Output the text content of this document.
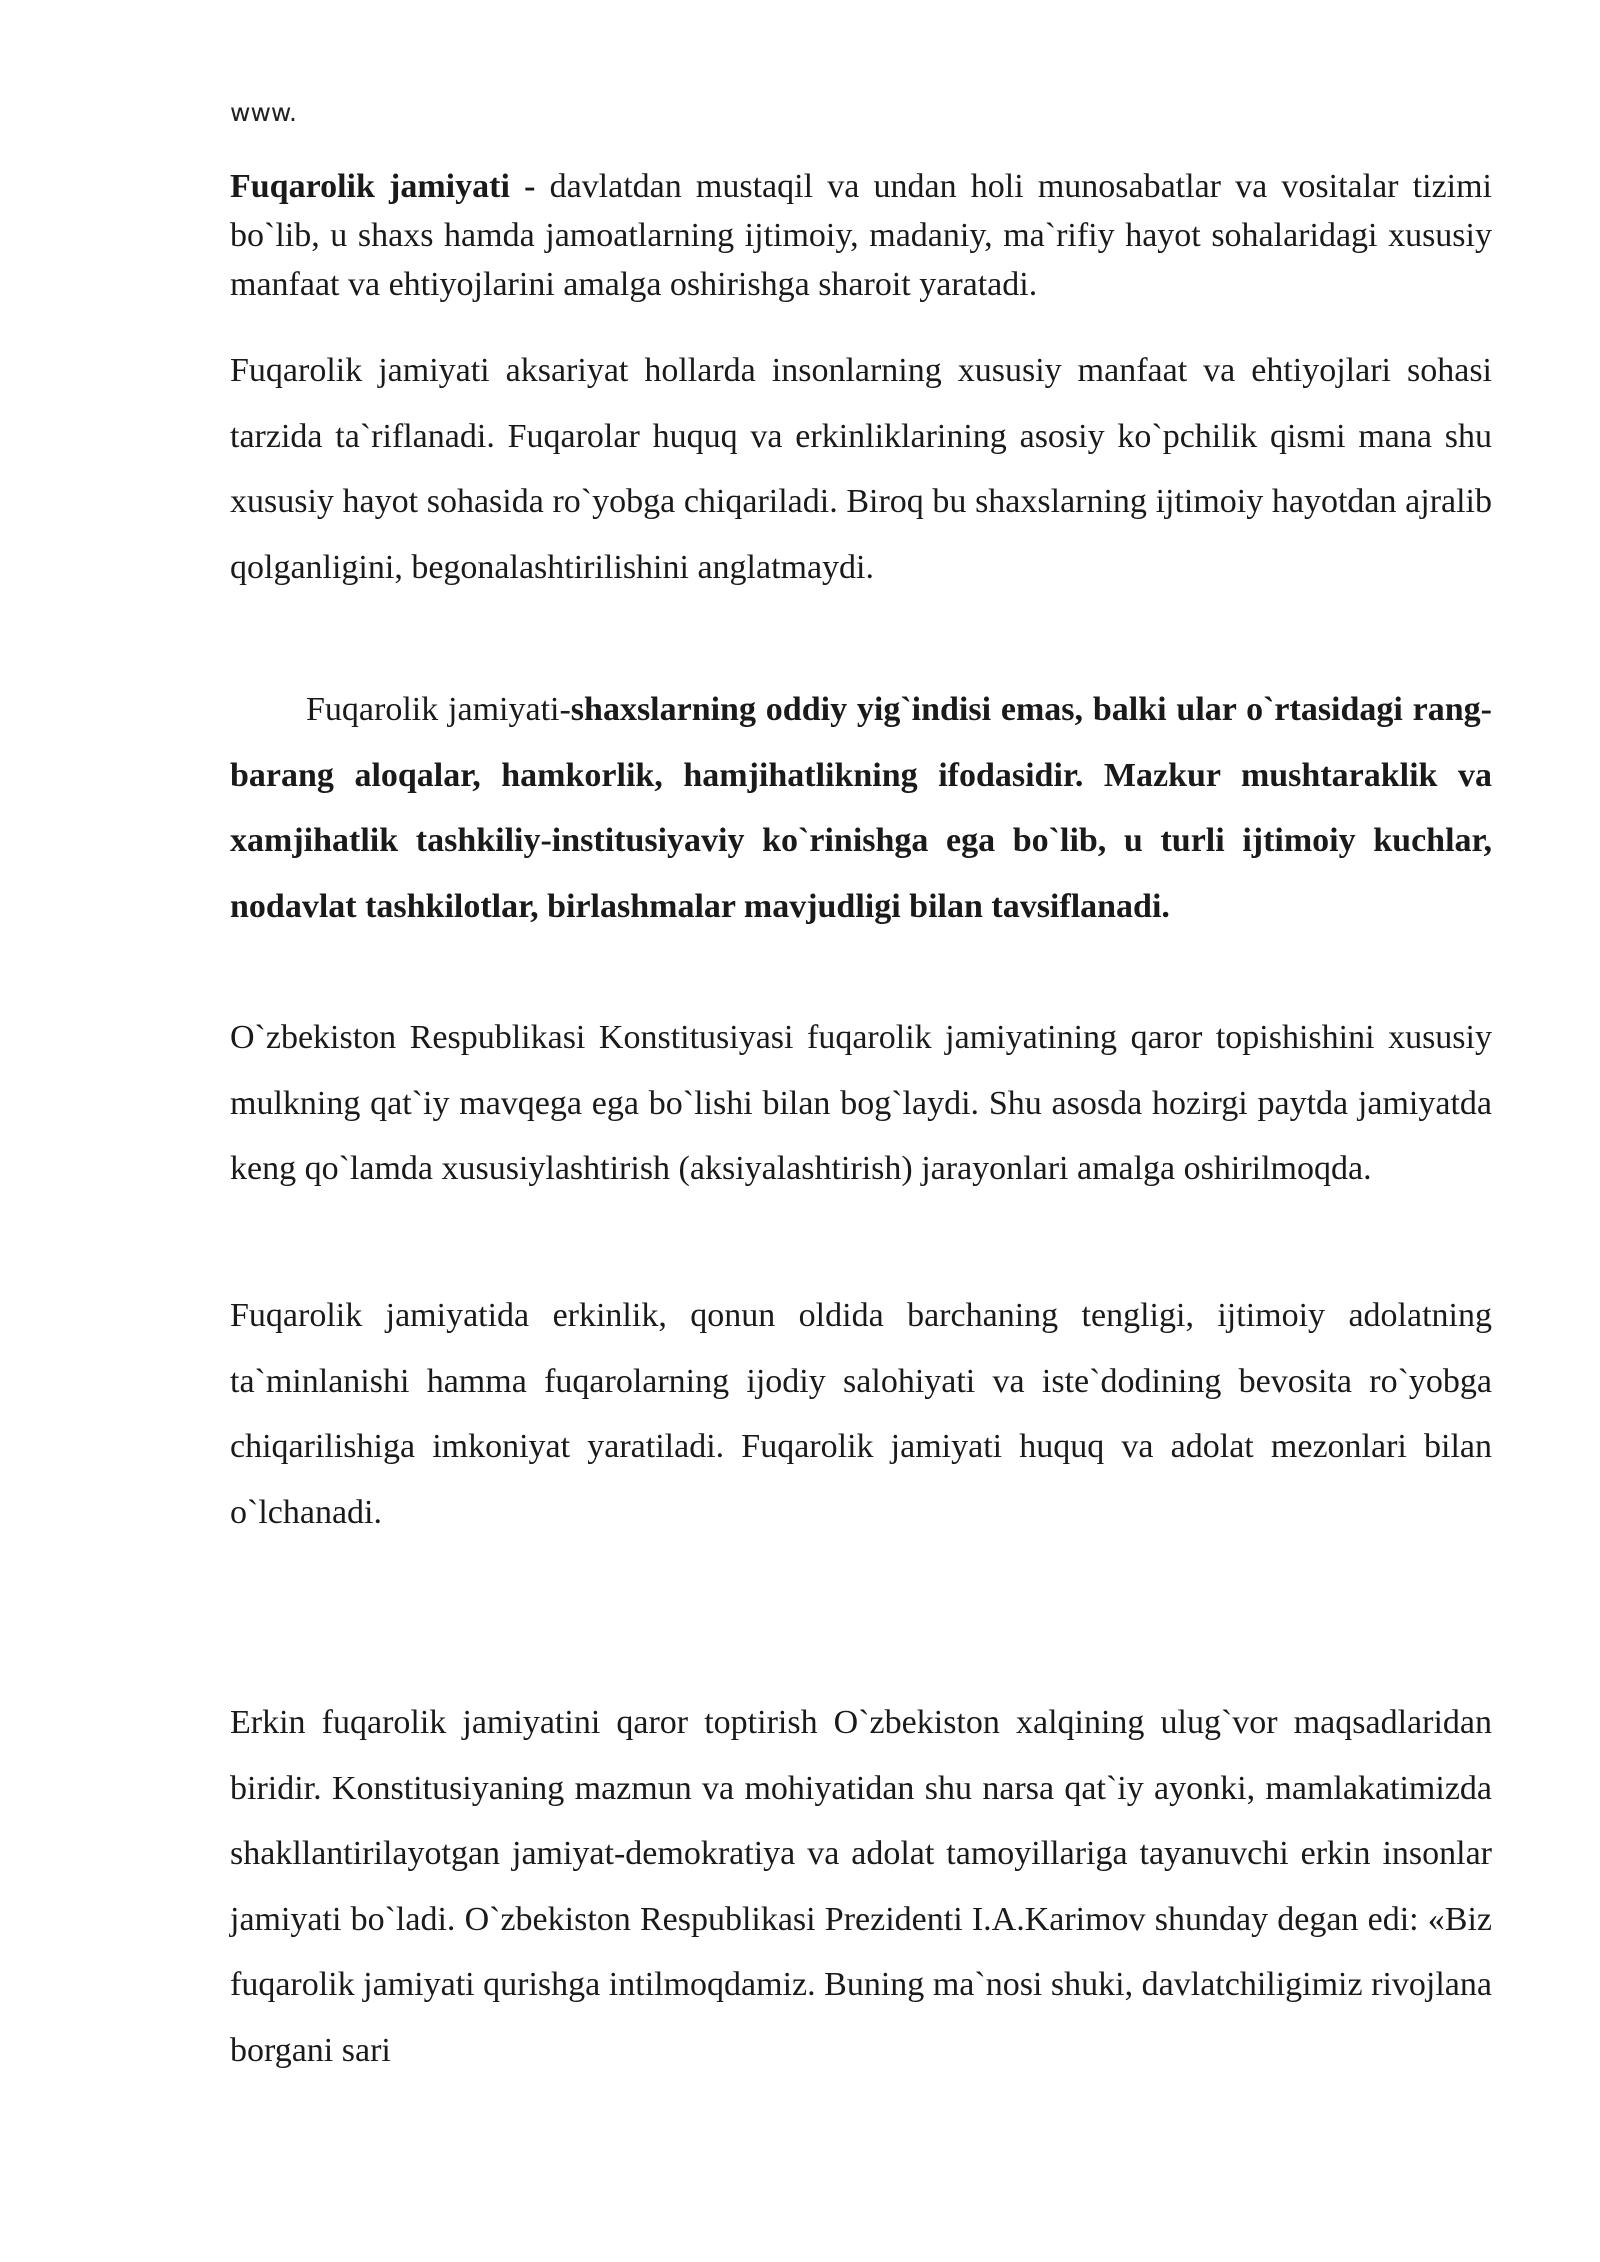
www.

Fuqarolik jamiyati - davlatdan mustaqil va undan holi munosabatlar va vositalar tizimi bo`lib, u shaxs hamda jamoatlarning ijtimoiy, madaniy, ma`rifiy hayot sohalaridagi xususiy manfaat va ehtiyojlarini amalga oshirishga sharoit yaratadi.

Fuqarolik jamiyati aksariyat hollarda insonlarning xususiy manfaat va ehtiyojlari sohasi tarzida ta`riflanadi. Fuqarolar huquq va erkinliklarining asosiy ko`pchilik qismi mana shu xususiy hayot sohasida ro`yobga chiqariladi. Biroq bu shaxslarning ijtimoiy hayotdan ajralib qolganligini, begonalashtirilishini anglatmaydi.

Fuqarolik jamiyati-shaxslarning oddiy yig`indisi emas, balki ular o`rtasidagi rang-barang aloqalar, hamkorlik, hamjihatlikning ifodasidir. Mazkur mushtaraklik va xamjihatlik tashkiliy-institusiyaviy ko`rinishga ega bo`lib, u turli ijtimoiy kuchlar, nodavlat tashkilotlar, birlashmalar mavjudligi bilan tavsiflanadi.

O`zbekiston Respublikasi Konstitusiyasi fuqarolik jamiyatining qaror topishishini xususiy mulkning qat`iy mavqega ega bo`lishi bilan bog`laydi. Shu asosda hozirgi paytda jamiyatda keng qo`lamda xususiylashtirish (aksiyalashtirish) jarayonlari amalga oshirilmoqda.

Fuqarolik jamiyatida erkinlik, qonun oldida barchaning tengligi, ijtimoiy adolatning ta`minlanishi hamma fuqarolarning ijodiy salohiyati va iste`dodining bevosita ro`yobga chiqarilishiga imkoniyat yaratiladi. Fuqarolik jamiyati huquq va adolat mezonlari bilan o`lchanadi.

Erkin fuqarolik jamiyatini qaror toptirish O`zbekiston xalqining ulug`vor maqsadlaridan biridir. Konstitusiyaning mazmun va mohiyatidan shu narsa qat`iy ayonki, mamlakatimizda shakllantirilayotgan jamiyat-demokratiya va adolat tamoyillariga tayanuvchi erkin insonlar jamiyati bo`ladi. O`zbekiston Respublikasi Prezidenti I.A.Karimov shunday degan edi: «Biz fuqarolik jamiyati qurishga intilmoqdamiz. Buning ma`nosi shuki, davlatchiligimiz rivojlana borgani sari
